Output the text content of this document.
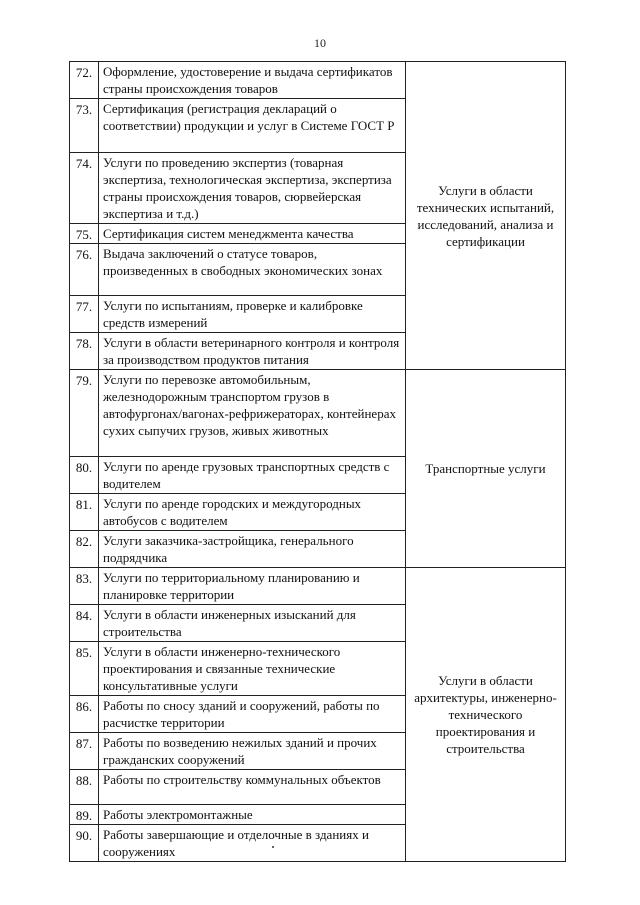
10
72.	Оформление, удостоверение и выдача сертификатов страны происхождения товаров	Услуги в области технических испытаний, исследований, анализа и сертификации
73.	Сертификация (регистрация деклараций о соответствии) продукции и услуг в Системе ГОСТ Р	
74.	Услуги по проведению экспертиз (товарная экспертиза, технологическая экспертиза, экспертиза страны происхождения товаров, сюрвейерская экспертиза и т.д.)	
75.	Сертификация систем менеджмента качества	
76.	Выдача заключений о статусе товаров, произведенных в свободных экономических зонах	
77.	Услуги по испытаниям, проверке и калибровке средств измерений	
78.	Услуги в области ветеринарного контроля и контроля за производством продуктов питания	
79.	Услуги по перевозке автомобильным, железнодорожным транспортом грузов в автофургонах/вагонах-рефрижераторах, контейнерах сухих сыпучих грузов, живых животных	Транспортные услуги
80.	Услуги по аренде грузовых транспортных средств с водителем	
81.	Услуги по аренде городских и междугородных автобусов с водителем	
82.	Услуги заказчика-застройщика, генерального подрядчика	
83.	Услуги по территориальному планированию и планировке территории	Услуги в области архитектуры, инженерно-технического проектирования и строительства
84.	Услуги в области инженерных изысканий для строительства	
85.	Услуги в области инженерно-технического проектирования и связанные технические консультативные услуги	
86.	Работы по сносу зданий и сооружений, работы по расчистке территории	
87.	Работы по возведению нежилых зданий и прочих гражданских сооружений	
88.	Работы по строительству коммунальных объектов	
89.	Работы электромонтажные	
90.	Работы завершающие и отделочные в зданиях и сооружениях	
